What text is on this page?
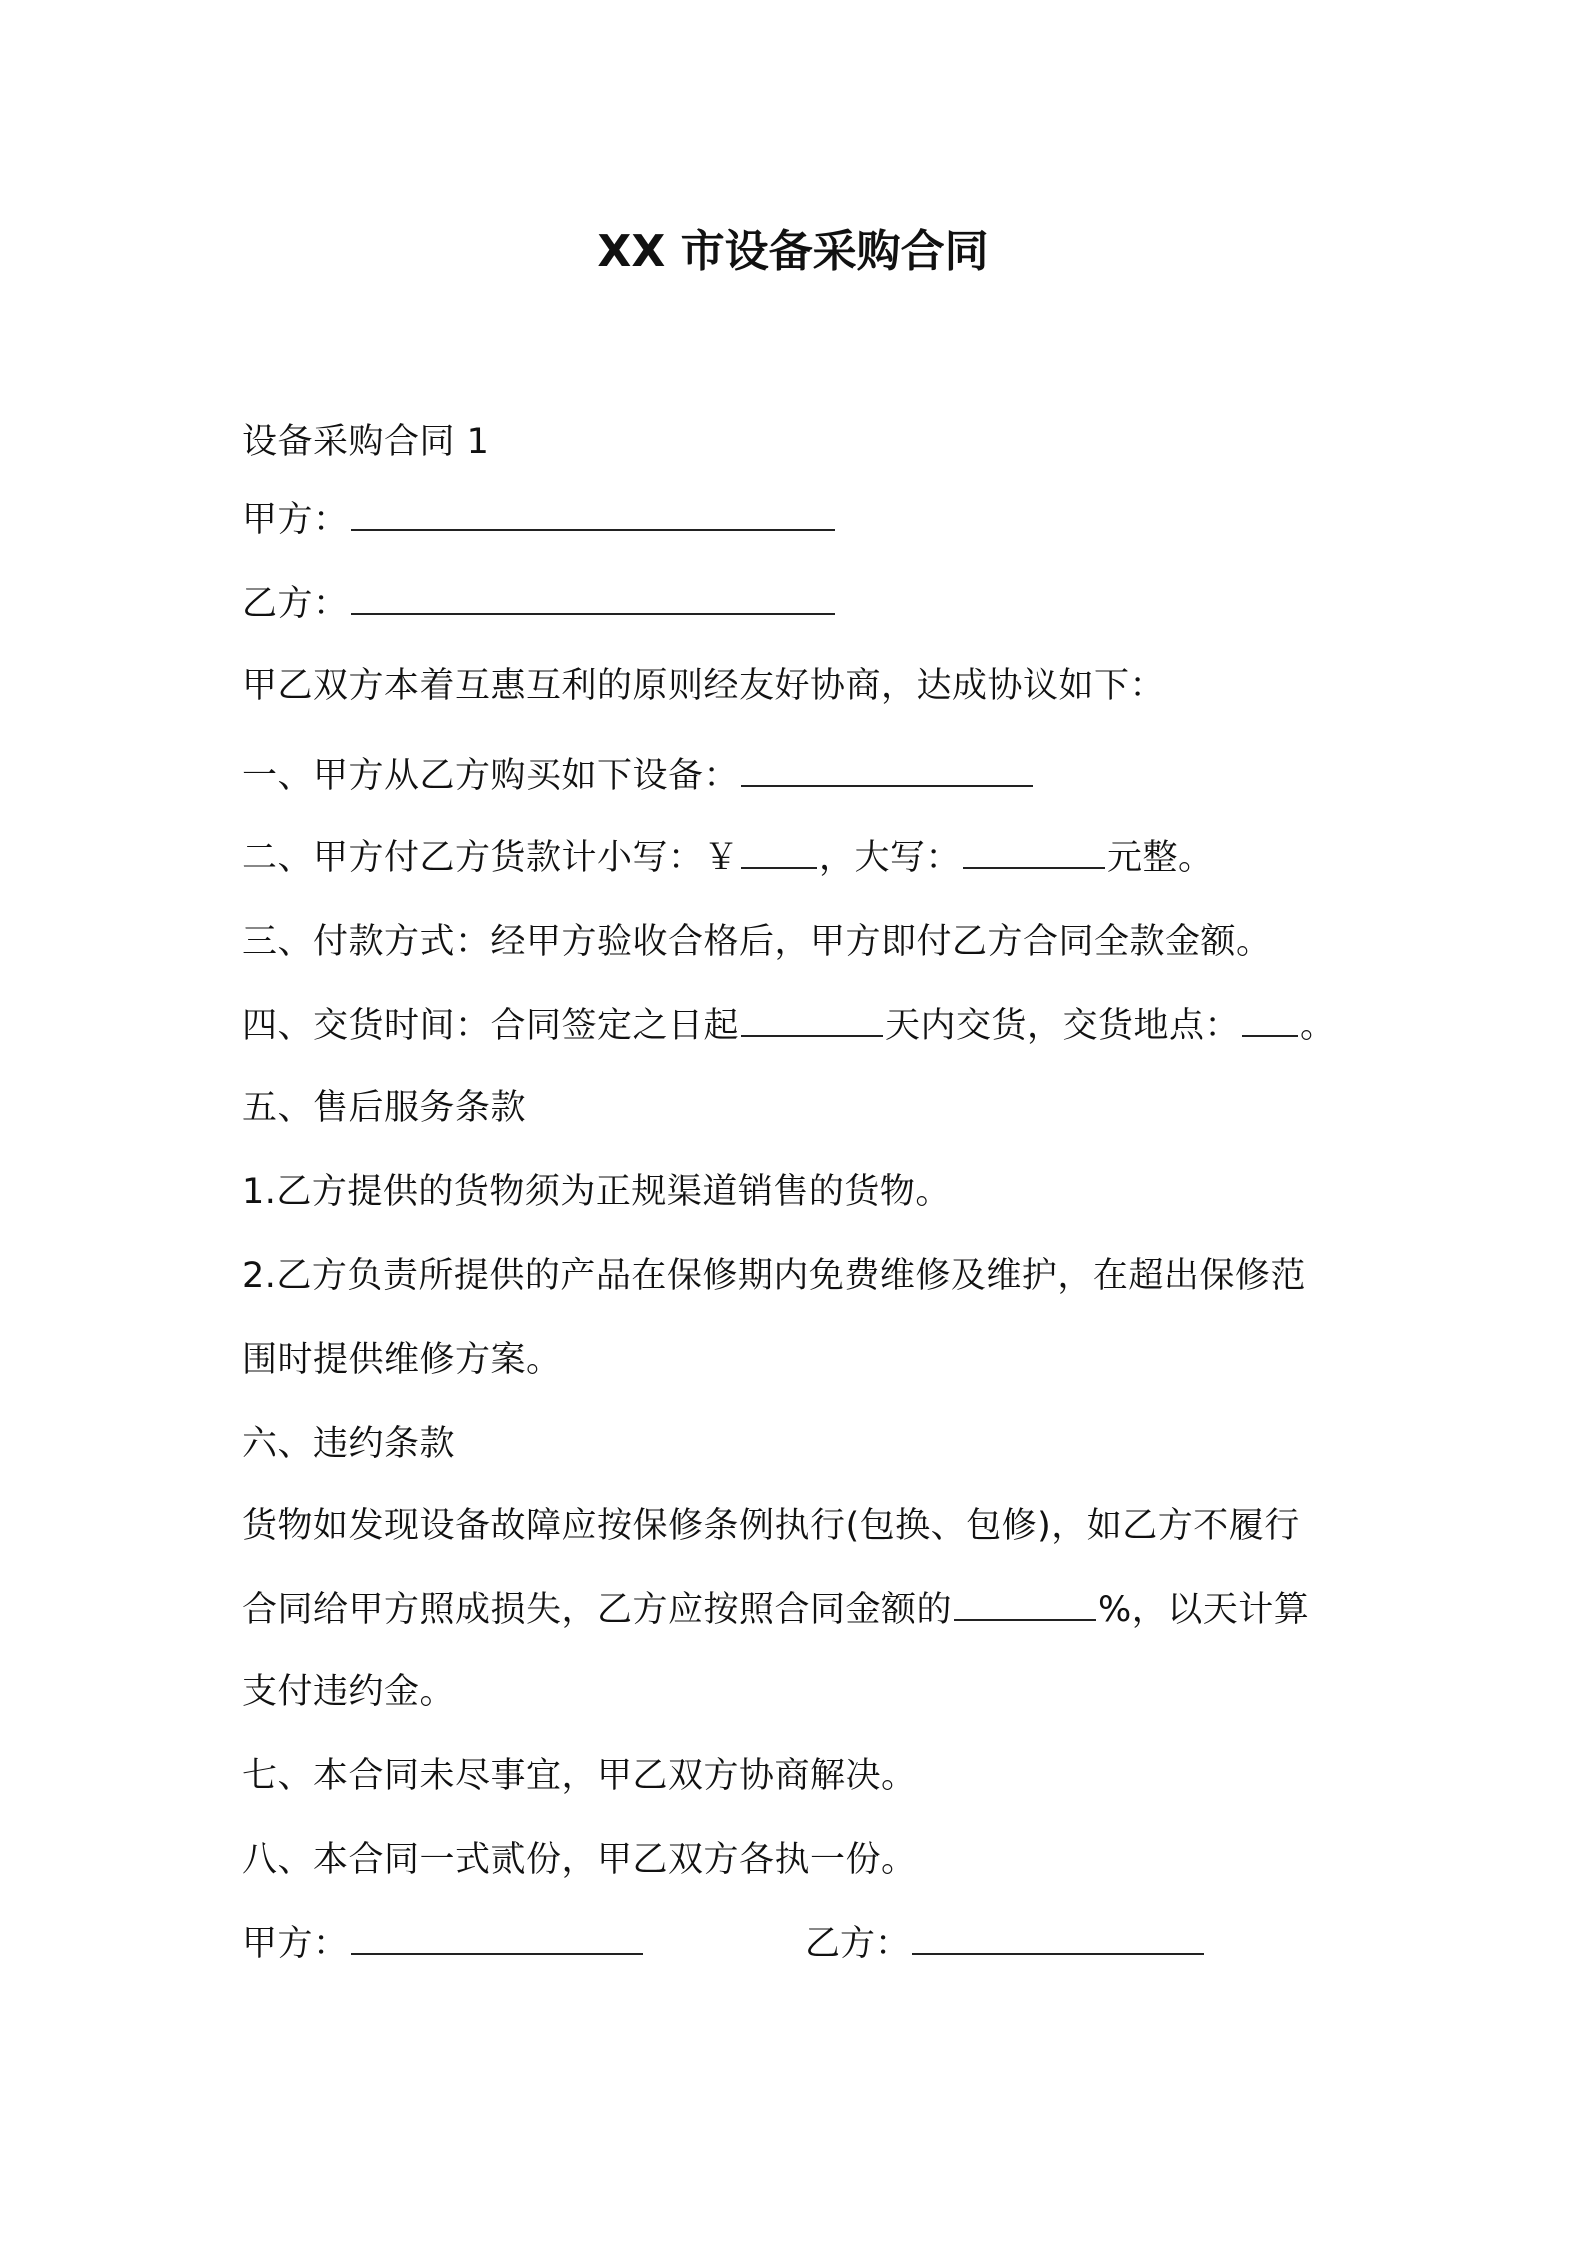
XX 市设备采购合同
设备采购合同 1
甲方：
乙方：
甲乙双方本着互惠互利的原则经友好协商，达成协议如下：
一、甲方从乙方购买如下设备：
二、甲方付乙方货款计小写：￥ ，大写：	元整。
三、付款方式：经甲方验收合格后，甲方即付乙方合同全款金额。
四、交货时间：合同签定之日起	天内交货，交货地点： 。
五、售后服务条款
1.乙方提供的货物须为正规渠道销售的货物。
2.乙方负责所提供的产品在保修期内免费维修及维护，在超出保修范
围时提供维修方案。
六、违约条款
货物如发现设备故障应按保修条例执行(包换、包修)，如乙方不履行
合同给甲方照成损失，乙方应按照合同金额的	%，以天计算
支付违约金。
七、本合同未尽事宜，甲乙双方协商解决。
八、本合同一式贰份，甲乙双方各执一份。
甲方：	乙方：
